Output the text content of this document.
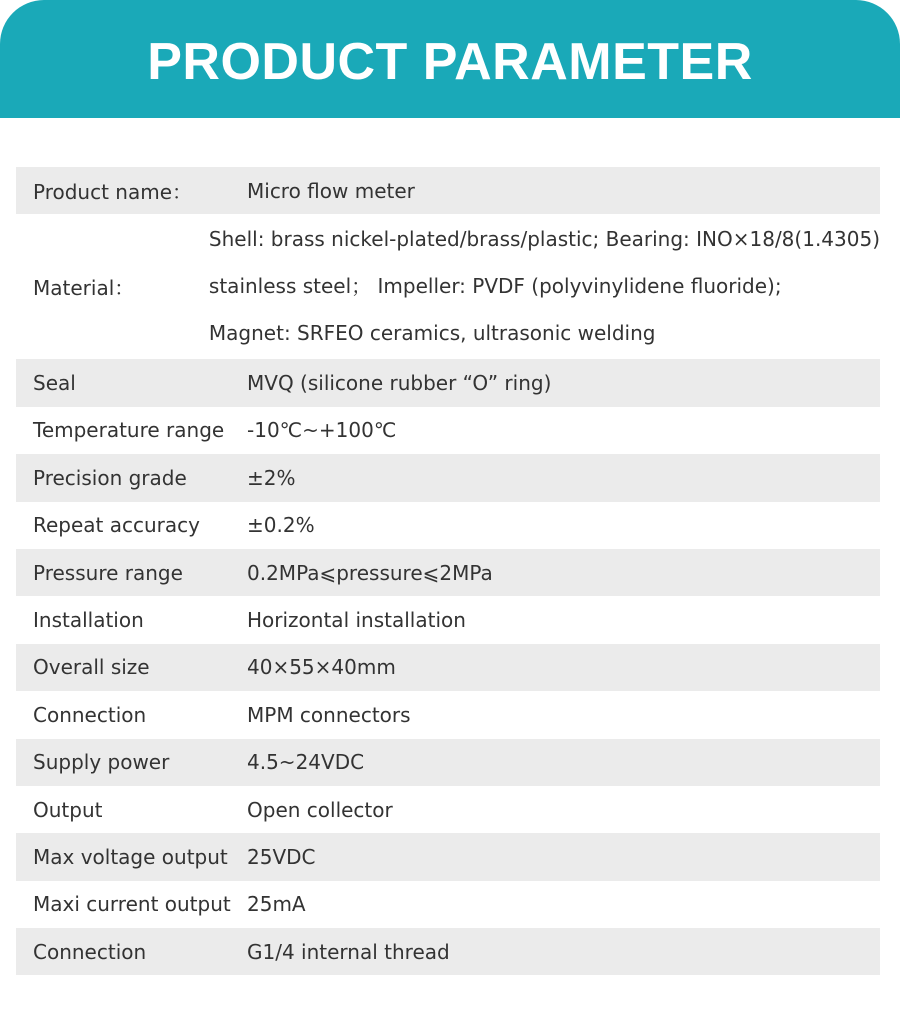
PRODUCT PARAMETER
Product name：	Micro flow meter
Material：
Shell: brass nickel-plated/brass/plastic; Bearing: INO×18/8(1.4305)
stainless steel； Impeller: PVDF (polyvinylidene fluoride);
Magnet: SRFEO ceramics, ultrasonic welding
Seal	MVQ (silicone rubber “O” ring)
Temperature range	-10℃~+100℃
Precision grade	±2%
Repeat accuracy	±0.2%
Pressure range	0.2MPa⩽pressure⩽2MPa
Installation	Horizontal installation
Overall size	40×55×40mm
Connection	MPM connectors
Supply power	4.5~24VDC
Output	Open collector
Max voltage output 25VDC
Maxi current output 25mA
Connection	G1/4 internal thread
